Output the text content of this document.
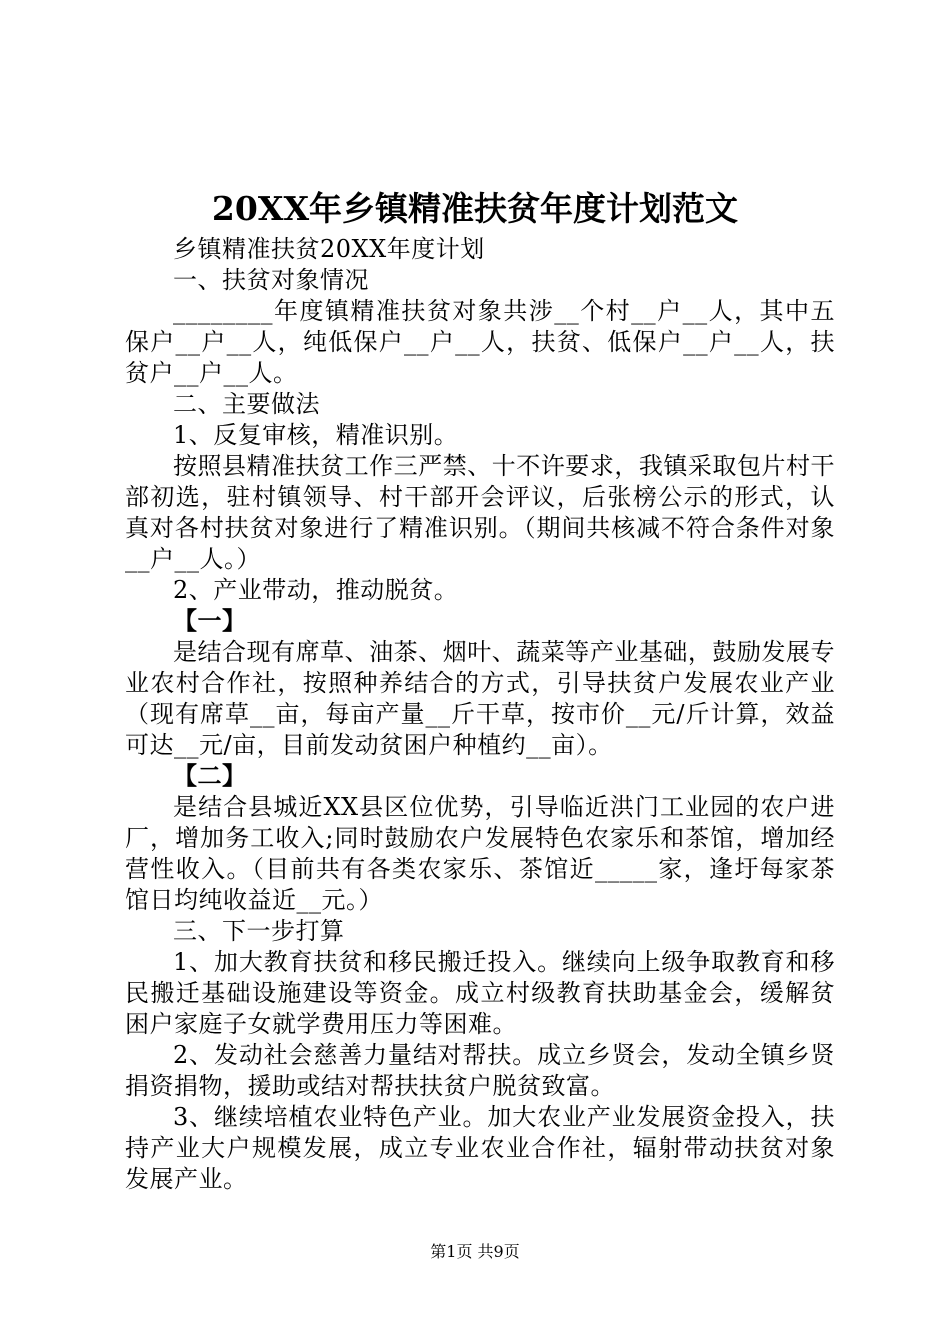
20XX年乡镇精准扶贫年度计划范文

乡镇精准扶贫20XX年度计划

一、扶贫对象情况

________年度镇精准扶贫对象共涉__个村__户__人，其中五保户__户__人，纯低保户__户__人，扶贫、低保户__户__人，扶贫户__户__人。

二、主要做法

1、反复审核，精准识别。

按照县精准扶贫工作三严禁、十不许要求，我镇采取包片村干部初选，驻村镇领导、村干部开会评议，后张榜公示的形式，认真对各村扶贫对象进行了精准识别。（期间共核减不符合条件对象__户__人。）

2、产业带动，推动脱贫。

【一】

是结合现有席草、油茶、烟叶、蔬菜等产业基础，鼓励发展专业农村合作社，按照种养结合的方式，引导扶贫户发展农业产业（现有席草__亩，每亩产量__斤干草，按市价__元/斤计算，效益可达__元/亩，目前发动贫困户种植约__亩）。

【二】

是结合县城近XX县区位优势，引导临近洪门工业园的农户进厂，增加务工收入;同时鼓励农户发展特色农家乐和茶馆，增加经营性收入。（目前共有各类农家乐、茶馆近_____家，逢圩每家茶馆日均纯收益近__元。）

三、下一步打算

1、加大教育扶贫和移民搬迁投入。继续向上级争取教育和移民搬迁基础设施建设等资金。成立村级教育扶助基金会，缓解贫困户家庭子女就学费用压力等困难。

2、发动社会慈善力量结对帮扶。成立乡贤会，发动全镇乡贤捐资捐物，援助或结对帮扶扶贫户脱贫致富。

3、继续培植农业特色产业。加大农业产业发展资金投入，扶持产业大户规模发展，成立专业农业合作社，辐射带动扶贫对象发展产业。

第1页 共9页
